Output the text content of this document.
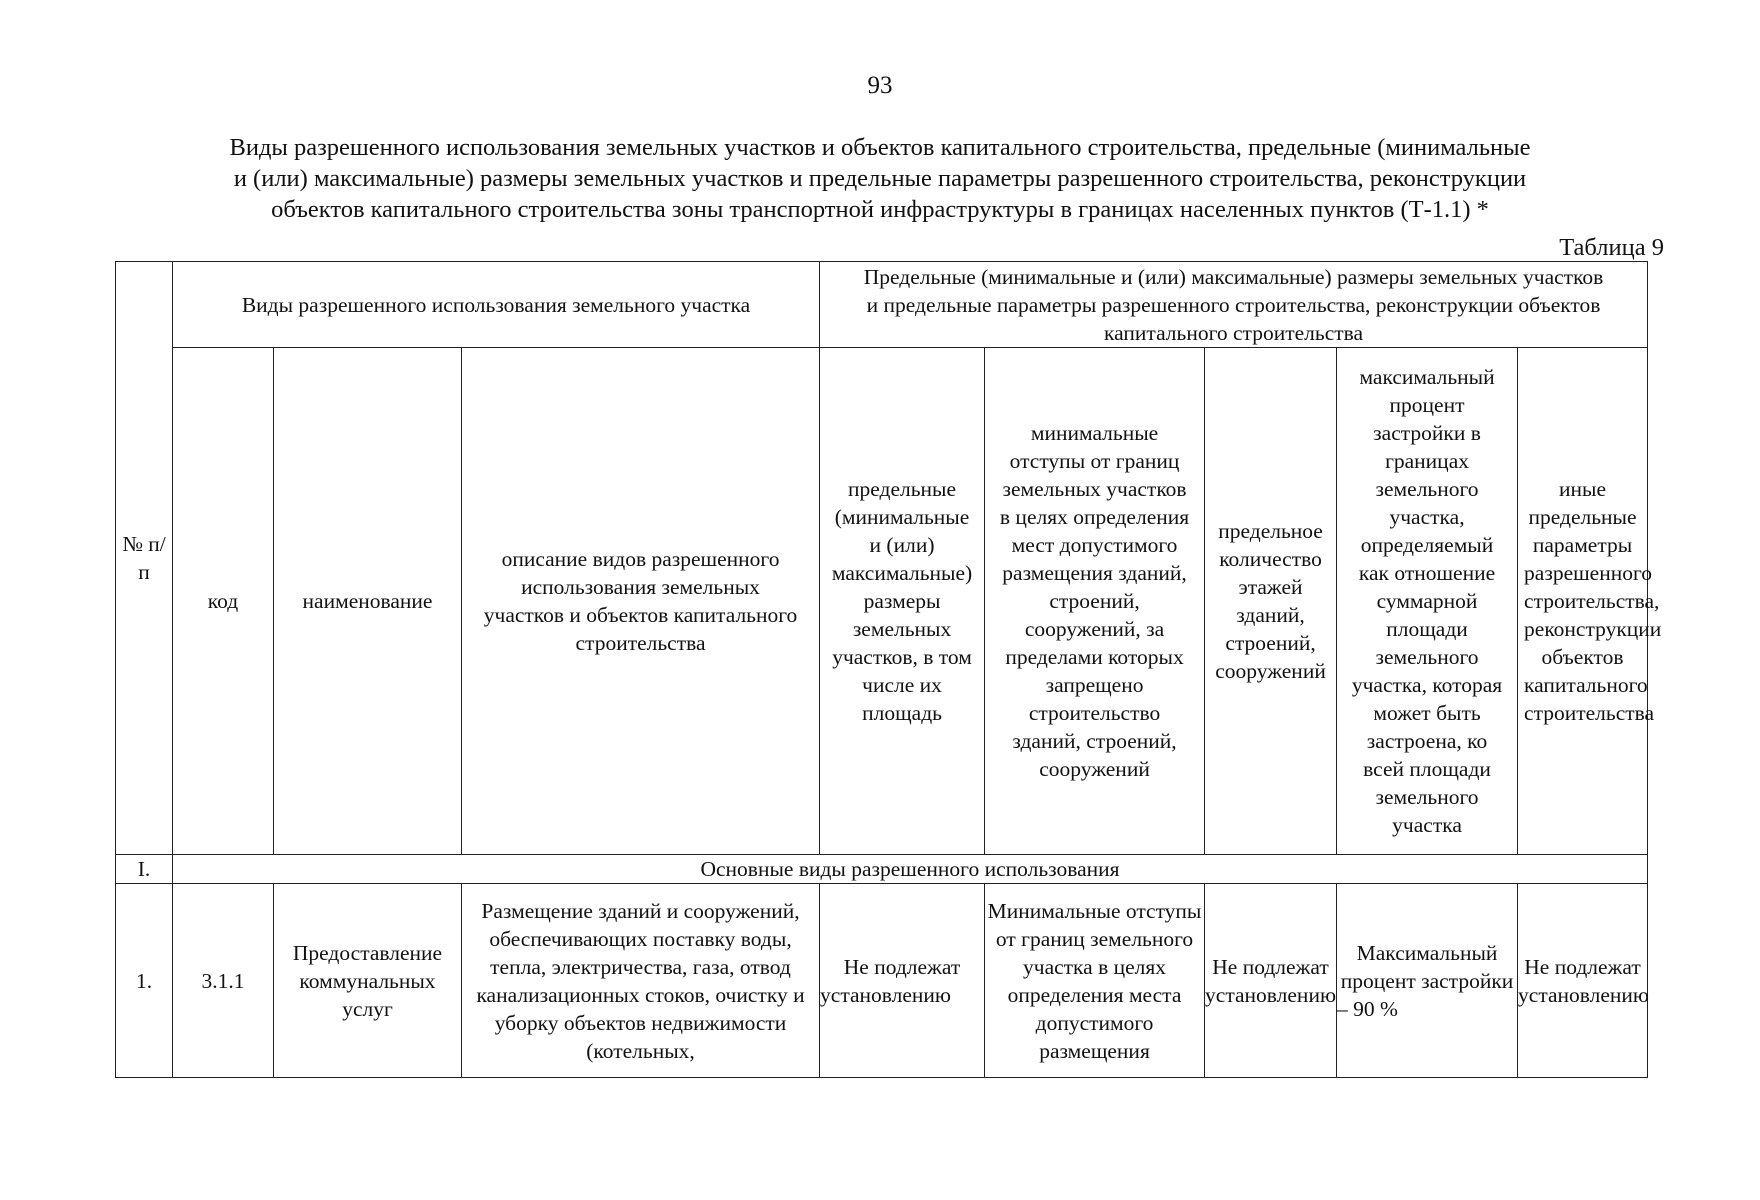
93
Виды разрешенного использования земельных участков и объектов капитального строительства, предельные (минимальные
и (или) максимальные) размеры земельных участков и предельные параметры разрешенного строительства, реконструкции
объектов капитального строительства зоны транспортной инфраструктуры в границах населенных пунктов (Т-1.1) *
Таблица 9
№ п/п	Виды разрешенного использования земельного участка			Предельные (минимальные и (или) максимальные) размеры земельных участков и предельные параметры разрешенного строительства, реконструкции объектов капитального строительства				
	код	наименование	описание видов разрешенного использования земельных участков и объектов капитального строительства	предельные (минимальные и (или) максимальные) размеры земельных участков, в том числе их площадь	минимальные отступы от границ земельных участков в целях определения мест допустимого размещения зданий, строений, сооружений, за пределами которых запрещено строительство зданий, строений, сооружений	предельное количество этажей зданий, строений, сооружений	максимальный процент застройки в границах земельного участка, определяемый как отношение суммарной площади земельного участка, которая может быть застроена, ко всей площади земельного участка	иные предельные параметры разрешенного строительства, реконструкции объектов капитального строительства
I.	Основные виды разрешенного использования							
1.	3.1.1	Предоставление коммунальных услуг	Размещение зданий и сооружений, обеспечивающих поставку воды, тепла, электричества, газа, отвод канализационных стоков, очистку и уборку объектов недвижимости (котельных,	Не подлежат установлению	Минимальные отступы от границ земельного участка в целях определения места допустимого размещения	Не подлежат установлению	Максимальный процент застройки – 90 %	Не подлежат установлению
